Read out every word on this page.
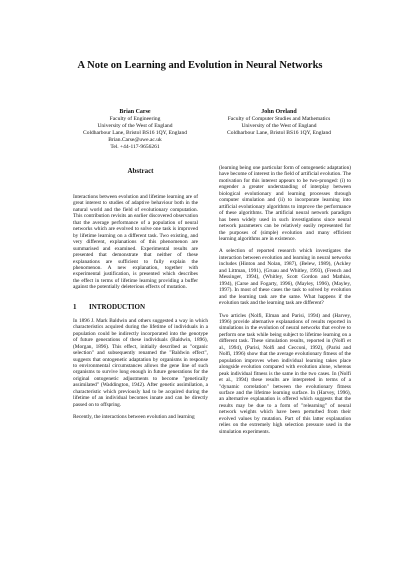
A Note on Learning and Evolution in Neural Networks
Brian Carse
Faculty of Engineering
University of the West of England
Coldharbour Lane, Bristol BS16 1QY, England
Brian.Carse@uwe.ac.uk
Tel. +44-117-9656261
John Oreland
Faculty of Computer Studies and Mathematics
University of the West of England
Coldharbour Lane, Bristol BS16 1QY, England
Abstract

Interactions between evolution and lifetime learning are of great interest to studies of adaptive behaviour both in the natural world and the field of evolutionary computation. This contribution revisits an earlier discovered observation that the average performance of a population of neural networks which are evolved to solve one task is improved by lifetime learning on a different task. Two existing, and very different, explanations of this phenomenon are summarised and examined. Experimental results are presented that demonstrate that neither of these explanations are sufficient to fully explain the phenomenon. A new explanation, together with experimental justification, is presented which describes the effect in terms of lifetime learning providing a buffer against the potentially deleterious effects of mutation.

1 INTRODUCTION

In 1896 J. Mark Baldwin and others suggested a way in which characteristics acquired during the lifetime of individuals in a population could be indirectly incorporated into the genotype of future generations of these individuals (Baldwin, 1896), (Morgan, 1896). This effect, initially described as "organic selection" and subsequently renamed the "Baldwin effect", suggests that ontogenetic adaptation by organisms in response to environmental circumstances allows the gene line of such organisms to survive long enough in future generations for the original ontogenetic adjustments to become "genetically assimilated" (Waddington, 1942). After genetic assimilation, a characteristic which previously had to be acquired during the lifetime of an individual becomes innate and can be directly passed on to offspring.

Recently, the interactions between evolution and learning

(learning being one particular form of ontogenetic adaptation) have become of interest in the field of artificial evolution. The motivation for this interest appears to be two-pronged: (i) to engender a greater understanding of interplay between biological evolutionary and learning processes through computer simulation and (ii) to incorporate learning into artificial evolutionary algorithms to improve the performance of these algorithms. The artificial neural network paradigm has been widely used in such investigations since neural network parameters can be relatively easily represented for the purposes of (simple) evolution and many efficient learning algorithms are in existence.

A selection of reported research which investigates the interaction between evolution and learning in neural networks includes (Hinton and Nolan, 1987), (Belew, 1989), (Ackley and Littman, 1991), (Gruau and Whitley, 1993), (French and Messinger, 1994), (Whitley, Scott Gordon and Mathias, 1994), (Carse and Fogarty, 1996), (Mayley, 1996), (Mayley, 1997). In most of these cases the task to solved by evolution and the learning task are the same. What happens if the evolution task and the learning task are different?

Two articles (Nolfi, Elman and Parisi, 1994) and (Harvey, 1996) provide alternative explanations of results reported in simulations in the evolution of neural networks that evolve to perform one task while being subject to lifetime learning on a different task. These simulation results, reported in (Nolfi et al., 1994), (Parisi, Nolfi and Cecconi, 1992), (Parisi and Nolfi, 1996) show that the average evolutionary fitness of the population improves when individual learning takes place alongside evolution compared with evolution alone, whereas peak individual fitness is the same in the two cases. In (Nolfi et al., 1994) these results are interpreted in terms of a "dynamic correlation" between the evolutionary fitness surface and the lifetime learning surface. In (Harvey, 1996), an alternative explanation is offered which suggests that the results may be due to a form of "relearning" of neural network weights which have been perturbed from their evolved values by mutation. Part of this latter explanation relies on the extremely high selection pressure used in the simulation experiments.
